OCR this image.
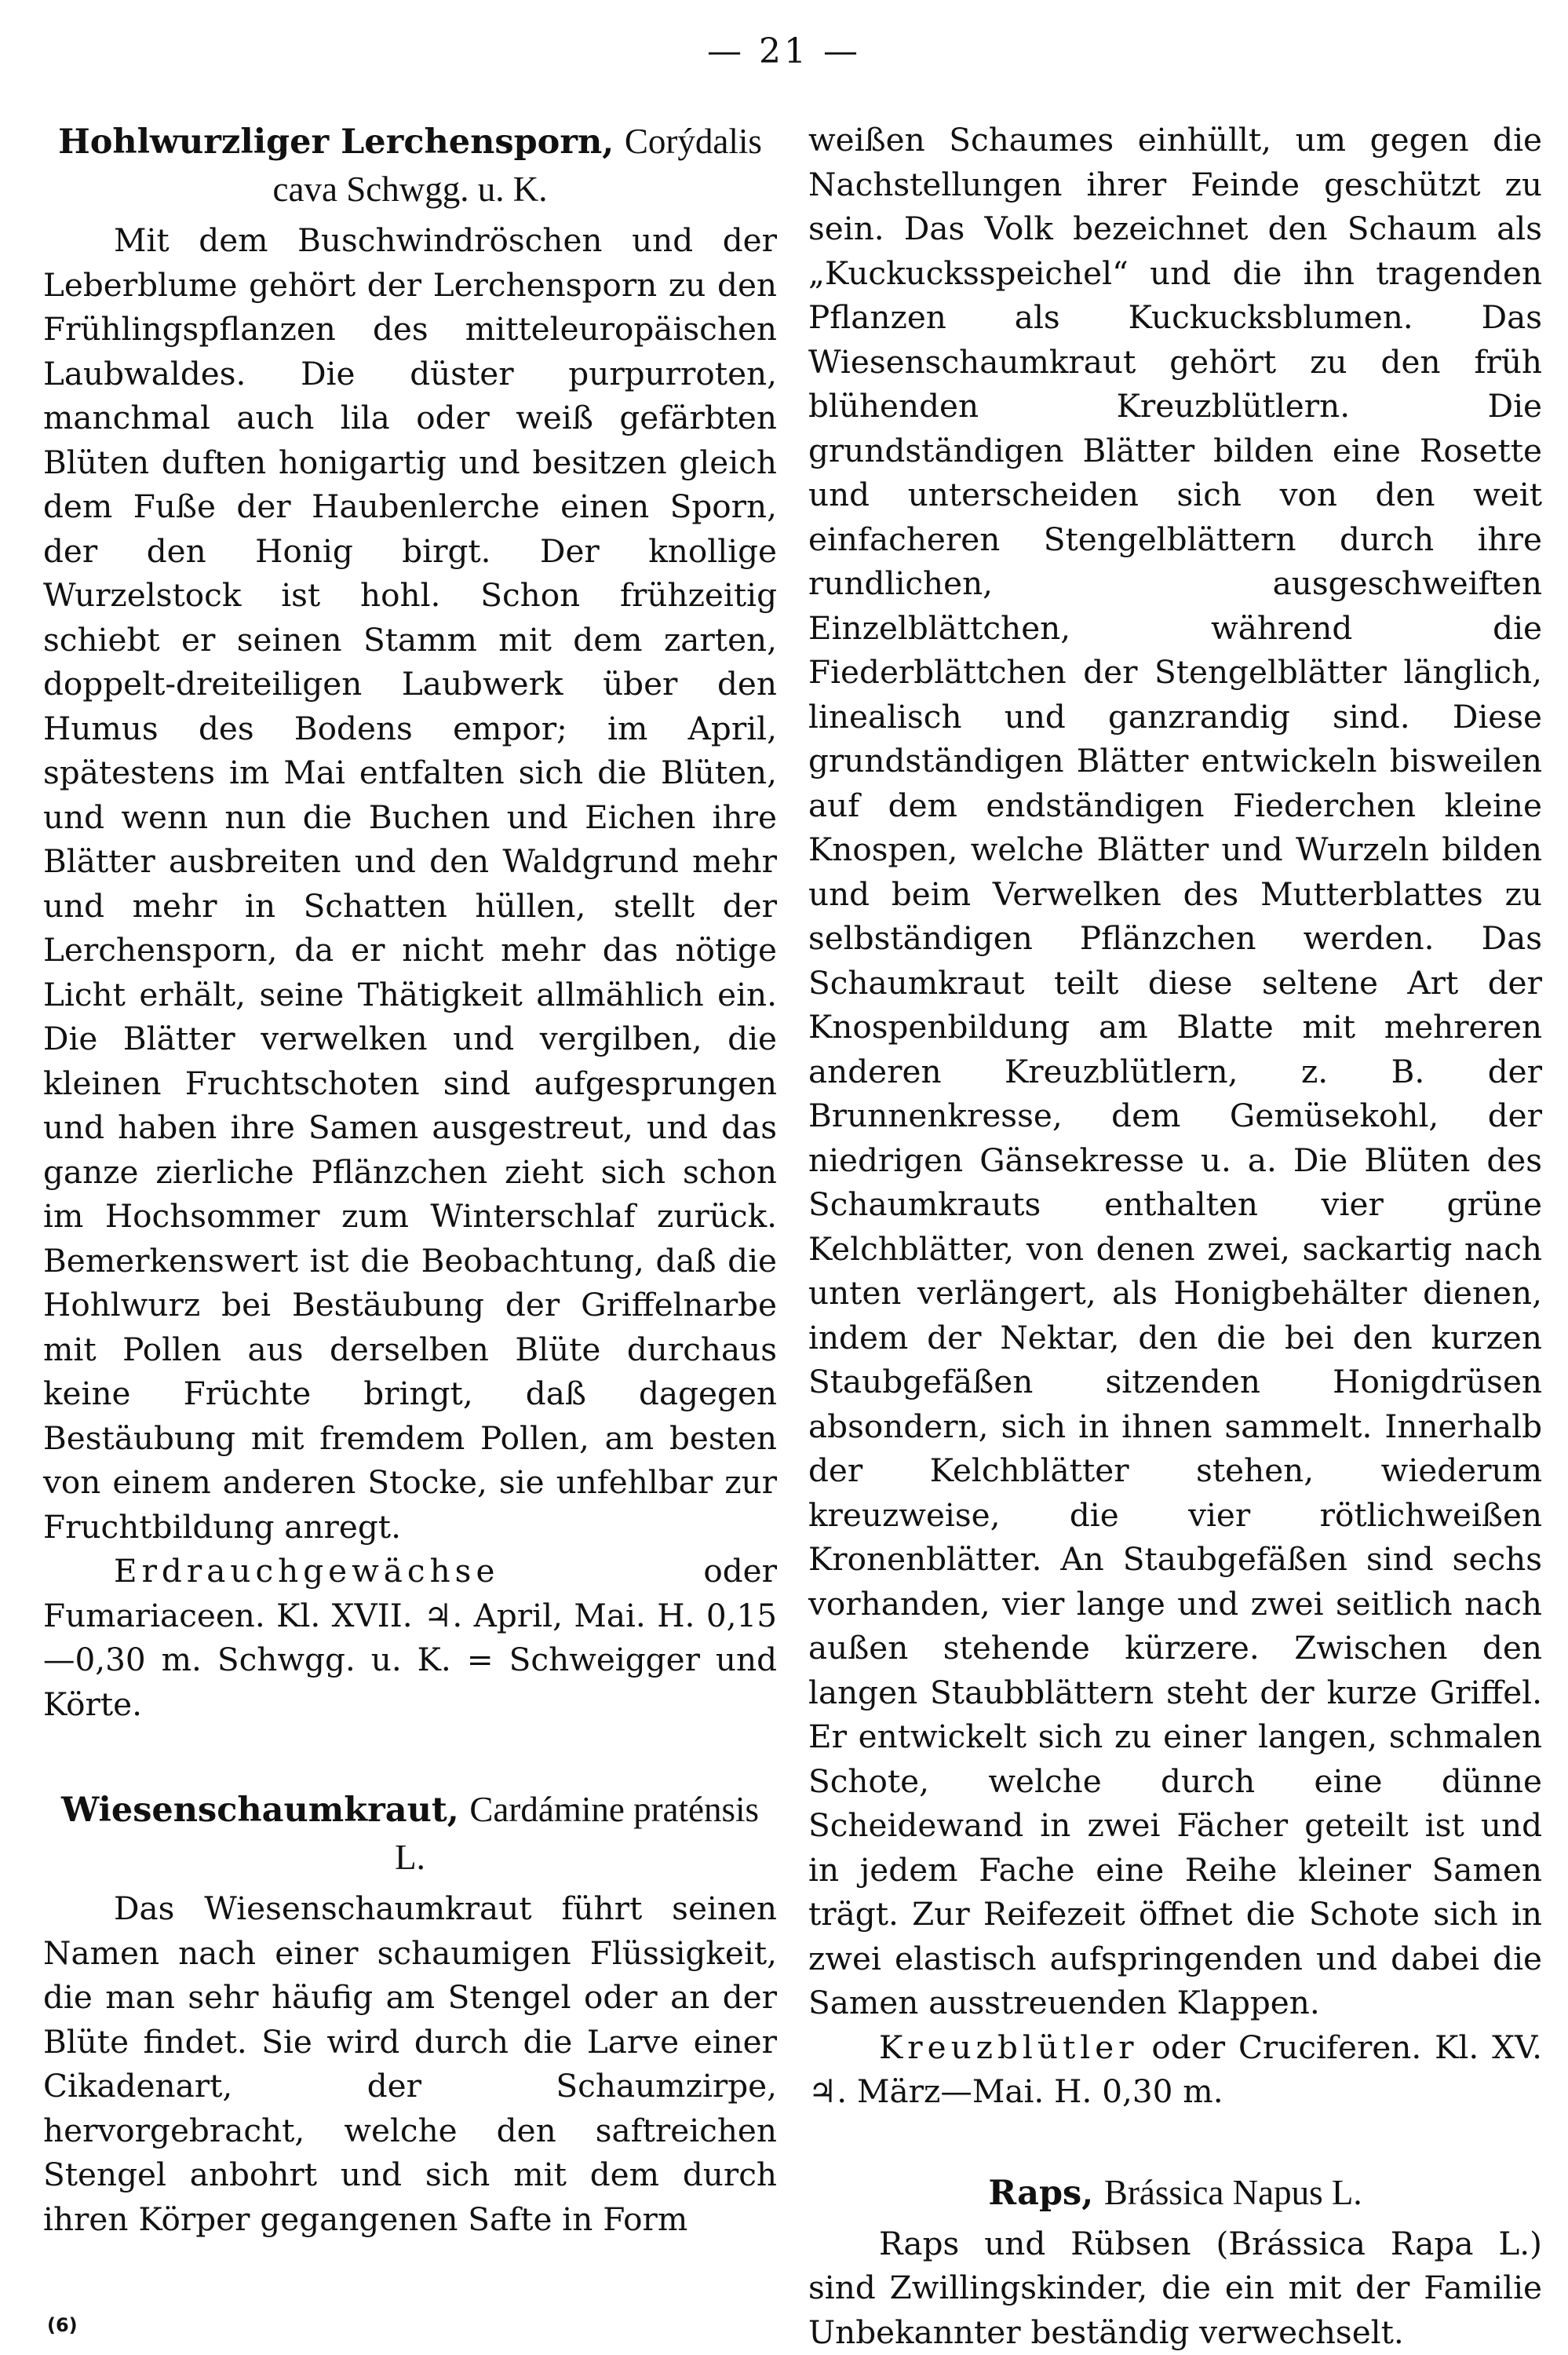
— 21 —
Hohlwurzliger Lerchensporn, Corýdalis cava Schwgg. u. K.

Mit dem Buschwindröschen und der Leberblume gehört der Lerchensporn zu den Frühlingspflanzen des mitteleuropäischen Laubwaldes. Die düster purpurroten, manchmal auch lila oder weiß gefärbten Blüten duften honigartig und besitzen gleich dem Fuße der Haubenlerche einen Sporn, der den Honig birgt. Der knollige Wurzelstock ist hohl. Schon frühzeitig schiebt er seinen Stamm mit dem zarten, doppelt-dreiteiligen Laubwerk über den Humus des Bodens empor; im April, spätestens im Mai entfalten sich die Blüten, und wenn nun die Buchen und Eichen ihre Blätter ausbreiten und den Waldgrund mehr und mehr in Schatten hüllen, stellt der Lerchensporn, da er nicht mehr das nötige Licht erhält, seine Thätigkeit allmählich ein. Die Blätter verwelken und vergilben, die kleinen Fruchtschoten sind aufgesprungen und haben ihre Samen ausgestreut, und das ganze zierliche Pflänzchen zieht sich schon im Hochsommer zum Winterschlaf zurück. Bemerkenswert ist die Beobachtung, daß die Hohlwurz bei Bestäubung der Griffelnarbe mit Pollen aus derselben Blüte durchaus keine Früchte bringt, daß dagegen Bestäubung mit fremdem Pollen, am besten von einem anderen Stocke, sie unfehlbar zur Fruchtbildung anregt.

Erdrauchgewächse	oder Fumariaceen. Kl. XVII. ♃. April, Mai. H. 0,15—0,30 m. Schwgg. u. K. = Schweigger und Körte.

Wiesenschaumkraut, Cardámine praténsis L.

Das Wiesenschaumkraut führt seinen Namen nach einer schaumigen Flüssigkeit, die man sehr häufig am Stengel oder an der Blüte findet. Sie wird durch die Larve einer Cikadenart, der Schaumzirpe, hervorgebracht, welche den saftreichen Stengel anbohrt und sich mit dem durch ihren Körper gegangenen Safte in Form

weißen Schaumes einhüllt, um gegen die Nachstellungen ihrer Feinde geschützt zu sein. Das Volk bezeichnet den Schaum als „Kuckucksspeichel“ und die ihn tragenden Pflanzen als Kuckucksblumen. Das Wiesenschaumkraut gehört zu den früh blühenden Kreuzblütlern. Die grundständigen Blätter bilden eine Rosette und unterscheiden sich von den weit einfacheren Stengelblättern durch ihre rundlichen, ausgeschweiften Einzelblättchen, während die Fiederblättchen der Stengelblätter länglich, linealisch und ganzrandig sind. Diese grundständigen Blätter entwickeln bisweilen auf dem endständigen Fiederchen kleine Knospen, welche Blätter und Wurzeln bilden und beim Verwelken des Mutterblattes zu selbständigen Pflänzchen werden. Das Schaumkraut teilt diese seltene Art der Knospenbildung am Blatte mit mehreren anderen Kreuzblütlern, z. B. der Brunnenkresse, dem Gemüsekohl, der niedrigen Gänsekresse u. a. Die Blüten des Schaumkrauts enthalten vier grüne Kelchblätter, von denen zwei, sackartig nach unten verlängert, als Honigbehälter dienen, indem der Nektar, den die bei den kurzen Staubgefäßen sitzenden Honigdrüsen absondern, sich in ihnen sammelt. Innerhalb der Kelchblätter stehen, wiederum kreuzweise, die vier rötlichweißen Kronenblätter. An Staubgefäßen sind sechs vorhanden, vier lange und zwei seitlich nach außen stehende kürzere. Zwischen den langen Staubblättern steht der kurze Griffel. Er entwickelt sich zu einer langen, schmalen Schote, welche durch eine dünne Scheidewand in zwei Fächer geteilt ist und in jedem Fache eine Reihe kleiner Samen trägt. Zur Reifezeit öffnet die Schote sich in zwei elastisch aufspringenden und dabei die Samen ausstreuenden Klappen.

Kreuzblütler oder Cruciferen. Kl. XV. ♃. März—Mai. H. 0,30 m.

Raps, Brássica Napus L.

Raps und Rübsen (Brássica Rapa L.) sind Zwillingskinder, die ein mit der Familie Unbekannter beständig verwechselt.

(6)
